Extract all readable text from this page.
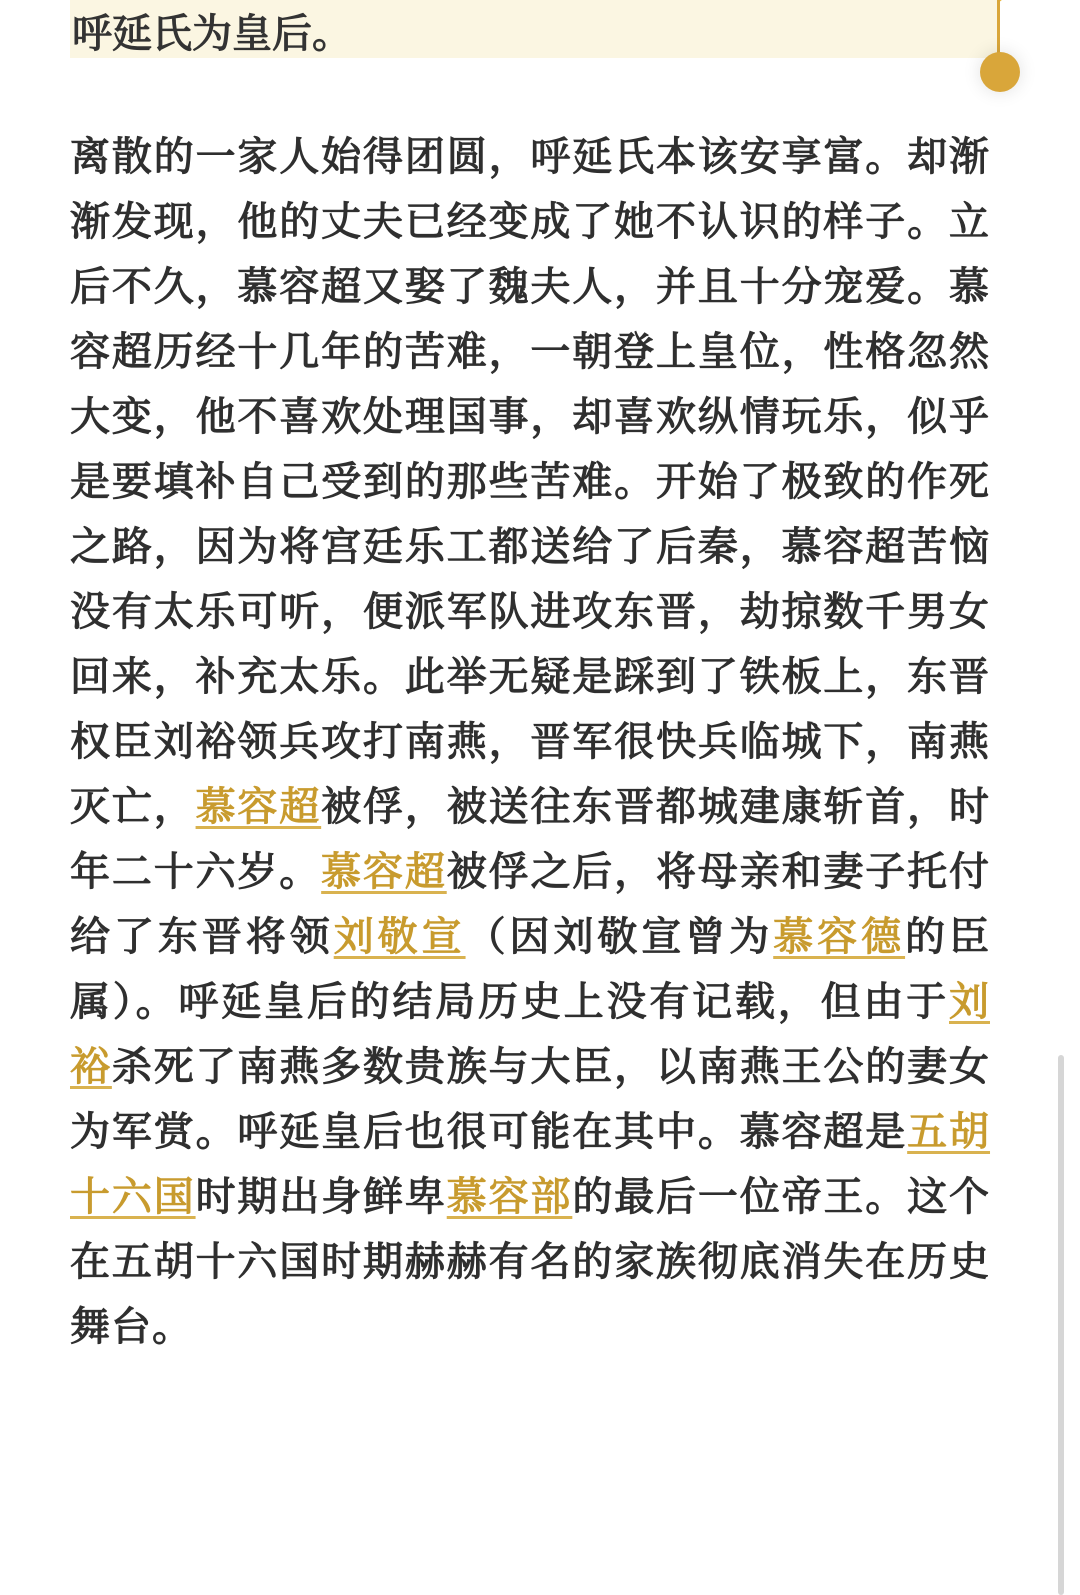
呼延氏为皇后。
离散的一家人始得团圆，呼延氏本该安享富。却渐渐发现，他的丈夫已经变成了她不认识的样子。立后不久，慕容超又娶了魏夫人，并且十分宠爱。慕容超历经十几年的苦难，一朝登上皇位，性格忽然大变，他不喜欢处理国事，却喜欢纵情玩乐，似乎是要填补自己受到的那些苦难。开始了极致的作死之路，因为将宫廷乐工都送给了后秦，慕容超苦恼没有太乐可听，便派军队进攻东晋，劫掠数千男女回来，补充太乐。此举无疑是踩到了铁板上，东晋权臣刘裕领兵攻打南燕，晋军很快兵临城下，南燕灭亡，慕容超被俘，被送往东晋都城建康斩首，时年二十六岁。慕容超被俘之后，将母亲和妻子托付给了东晋将领刘敬宣（因刘敬宣曾为慕容德的臣属）。呼延皇后的结局历史上没有记载，但由于刘裕杀死了南燕多数贵族与大臣，以南燕王公的妻女为军赏。呼延皇后也很可能在其中。慕容超是五胡十六国时期出身鲜卑慕容部的最后一位帝王。这个在五胡十六国时期赫赫有名的家族彻底消失在历史舞台。
